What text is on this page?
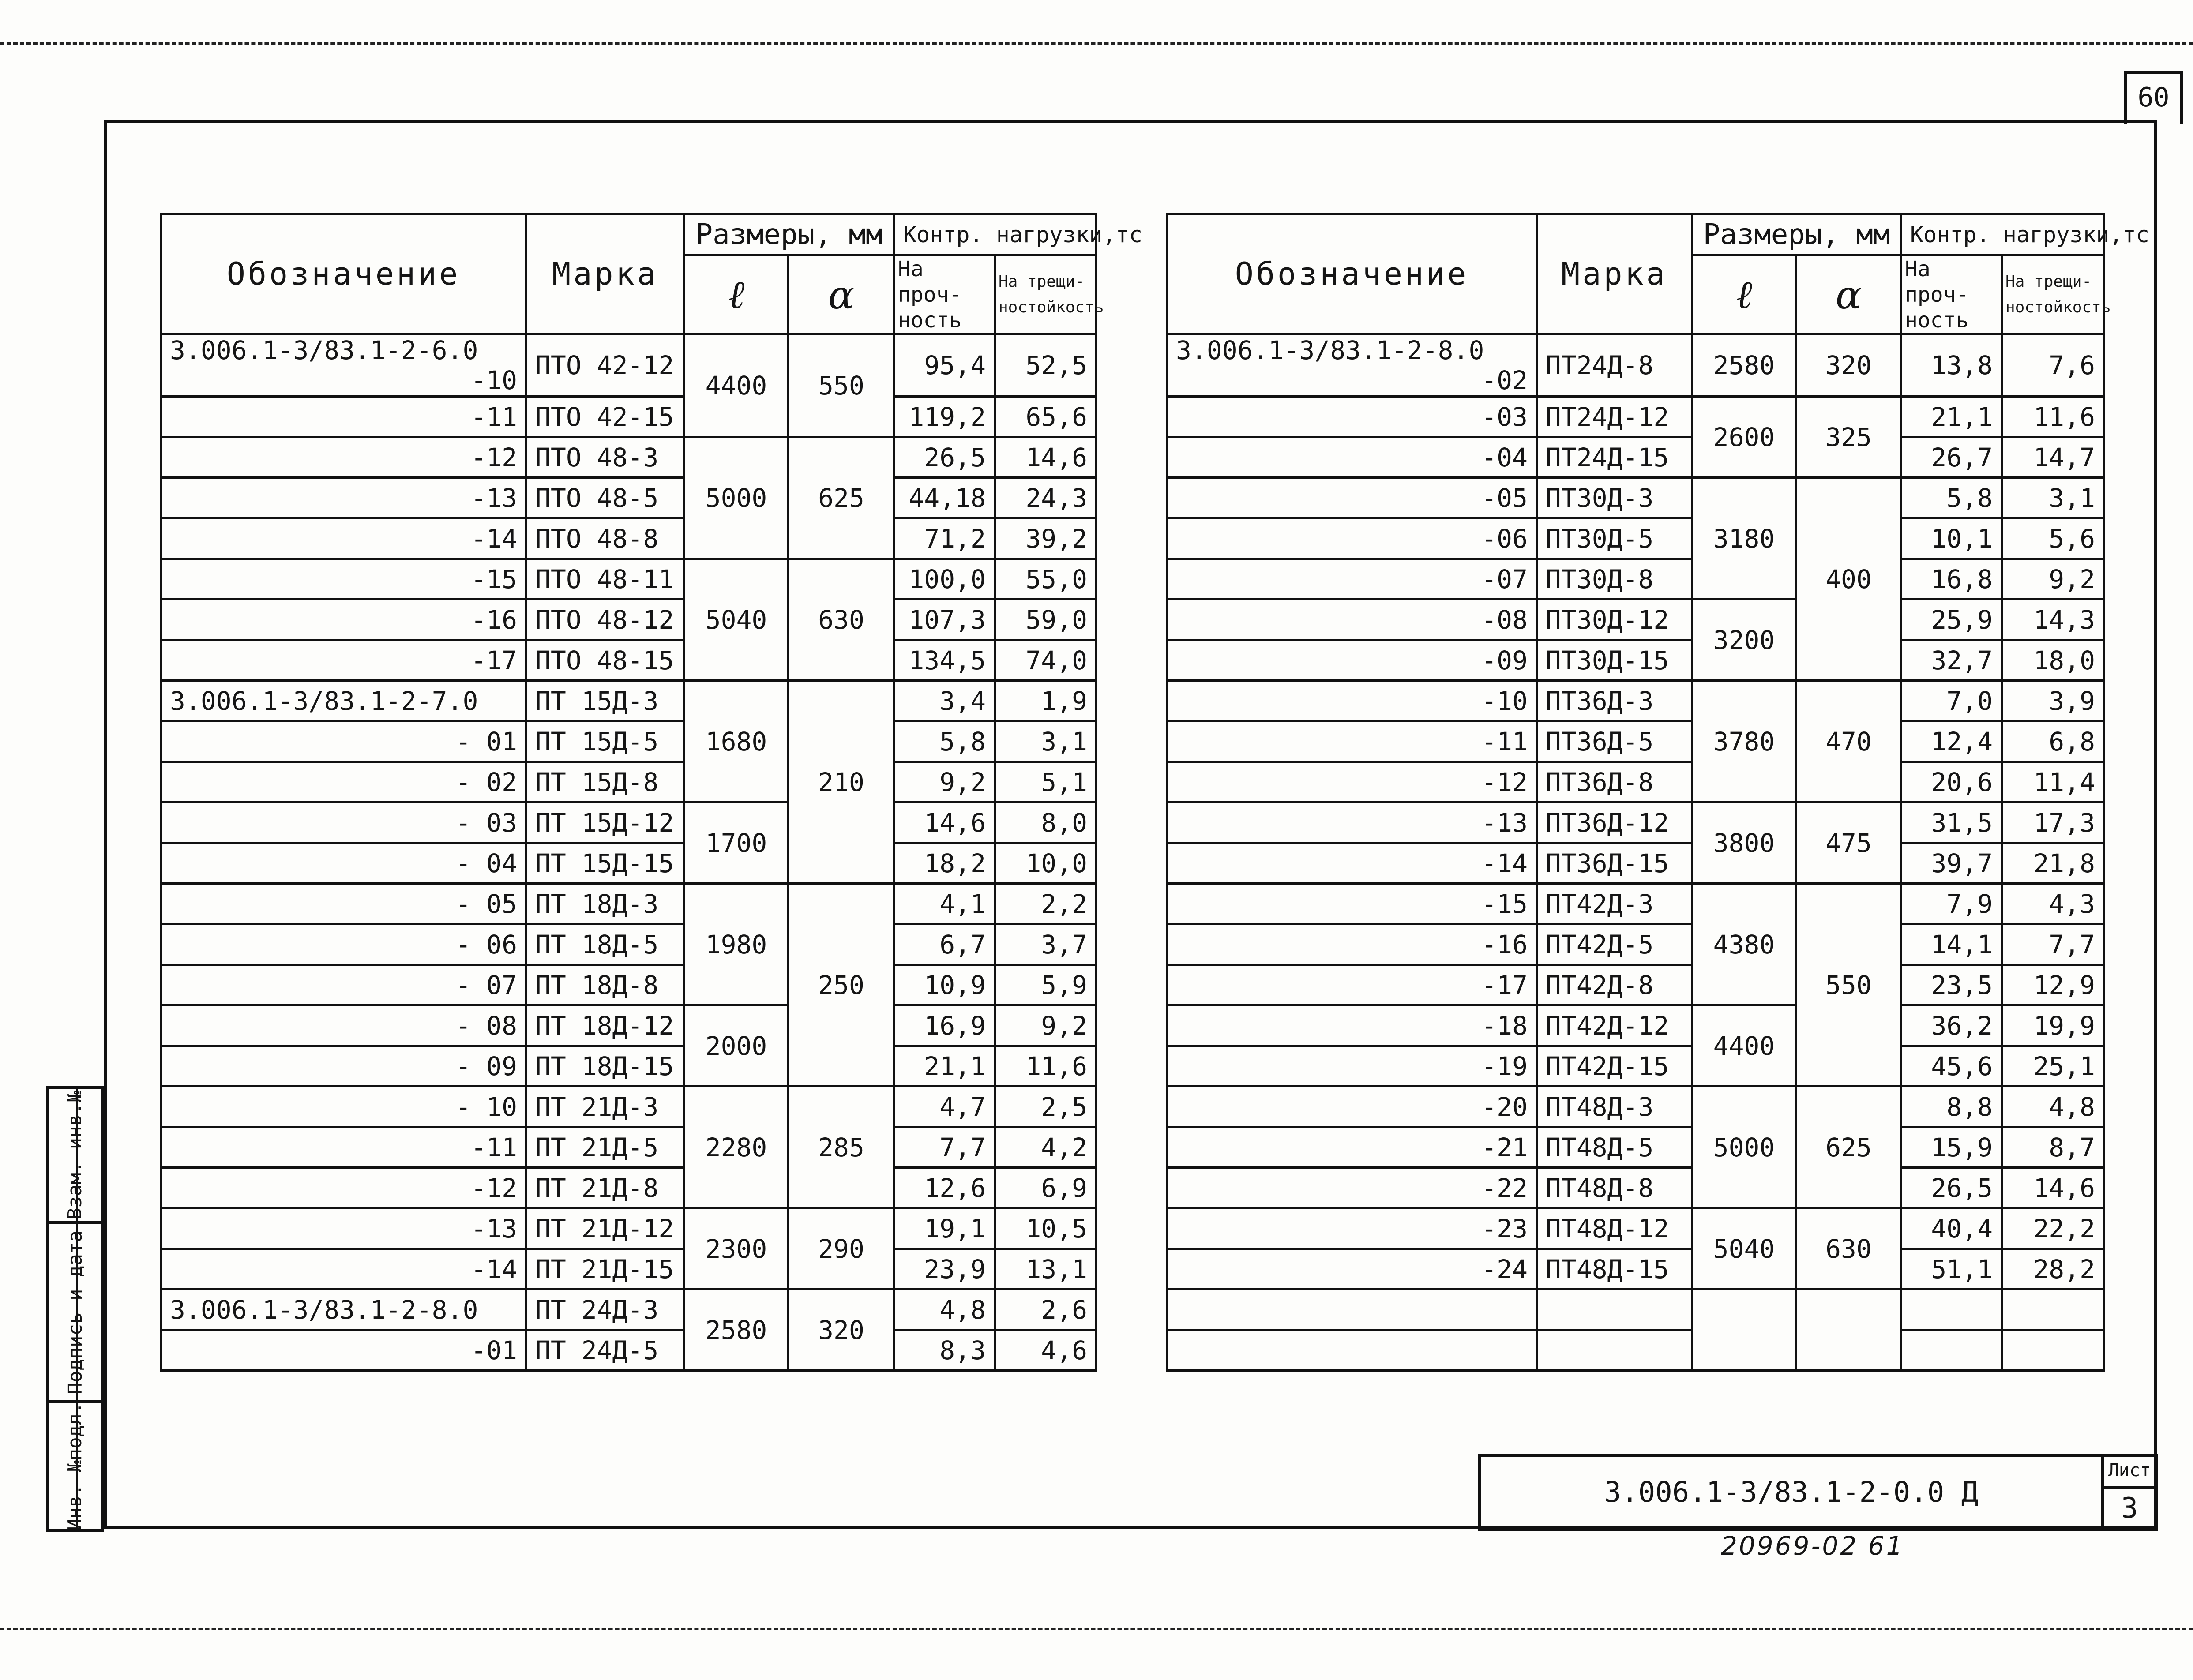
60
Обозначение	Марка	Размеры, мм		Контр. нагрузки,тс	
		ℓ	α	На проч-ность	На трещи-ностойкость

3.006.1-3/83.1-2-6.0
-10	ПТО 42-12	4400	550	95,4	52,5

-11	ПТО 42-15			119,2	65,6

-12	ПТО 48-3	5000	625	26,5	14,6

-13	ПТО 48-5			44,18	24,3

-14	ПТО 48-8			71,2	39,2

-15	ПТО 48-11	5040	630	100,0	55,0

-16	ПТО 48-12			107,3	59,0

-17	ПТО 48-15			134,5	74,0

3.006.1-3/83.1-2-7.0	ПТ 15Д-3	1680	210	3,4	1,9

- 01	ПТ 15Д-5			5,8	3,1

- 02	ПТ 15Д-8			9,2	5,1

- 03	ПТ 15Д-12	1700		14,6	8,0

- 04	ПТ 15Д-15			18,2	10,0

- 05	ПТ 18Д-3	1980	250	4,1	2,2

- 06	ПТ 18Д-5			6,7	3,7

- 07	ПТ 18Д-8			10,9	5,9

- 08	ПТ 18Д-12	2000		16,9	9,2

- 09	ПТ 18Д-15			21,1	11,6

- 10	ПТ 21Д-3	2280	285	4,7	2,5

-11	ПТ 21Д-5			7,7	4,2

-12	ПТ 21Д-8			12,6	6,9

-13	ПТ 21Д-12	2300	290	19,1	10,5

-14	ПТ 21Д-15			23,9	13,1

3.006.1-3/83.1-2-8.0	ПТ 24Д-3	2580	320	4,8	2,6

-01	ПТ 24Д-5			8,3	4,6
Обозначение	Марка	Размеры, мм		Контр. нагрузки,тс	
		ℓ	α	На проч-ность	На трещи-ностойкость

3.006.1-3/83.1-2-8.0
-02	ПТ24Д-8	2580	320	13,8	7,6

-03	ПТ24Д-12	2600	325	21,1	11,6

-04	ПТ24Д-15			26,7	14,7

-05	ПТ30Д-3	3180	400	5,8	3,1

-06	ПТ30Д-5			10,1	5,6

-07	ПТ30Д-8			16,8	9,2

-08	ПТ30Д-12	3200		25,9	14,3

-09	ПТ30Д-15			32,7	18,0

-10	ПТ36Д-3	3780	470	7,0	3,9

-11	ПТ36Д-5			12,4	6,8

-12	ПТ36Д-8			20,6	11,4

-13	ПТ36Д-12	3800	475	31,5	17,3

-14	ПТ36Д-15			39,7	21,8

-15	ПТ42Д-3	4380	550	7,9	4,3

-16	ПТ42Д-5			14,1	7,7

-17	ПТ42Д-8			23,5	12,9

-18	ПТ42Д-12	4400		36,2	19,9

-19	ПТ42Д-15			45,6	25,1

-20	ПТ48Д-3	5000	625	8,8	4,8

-21	ПТ48Д-5			15,9	8,7

-22	ПТ48Д-8			26,5	14,6

-23	ПТ48Д-12	5040	630	40,4	22,2

-24	ПТ48Д-15			51,1	28,2

Взам. инв.№
Подпись и дата
Инв. №подл.	3.006.1-3/83.1-2-0.0 Д
Лист
3
20969-02 61
